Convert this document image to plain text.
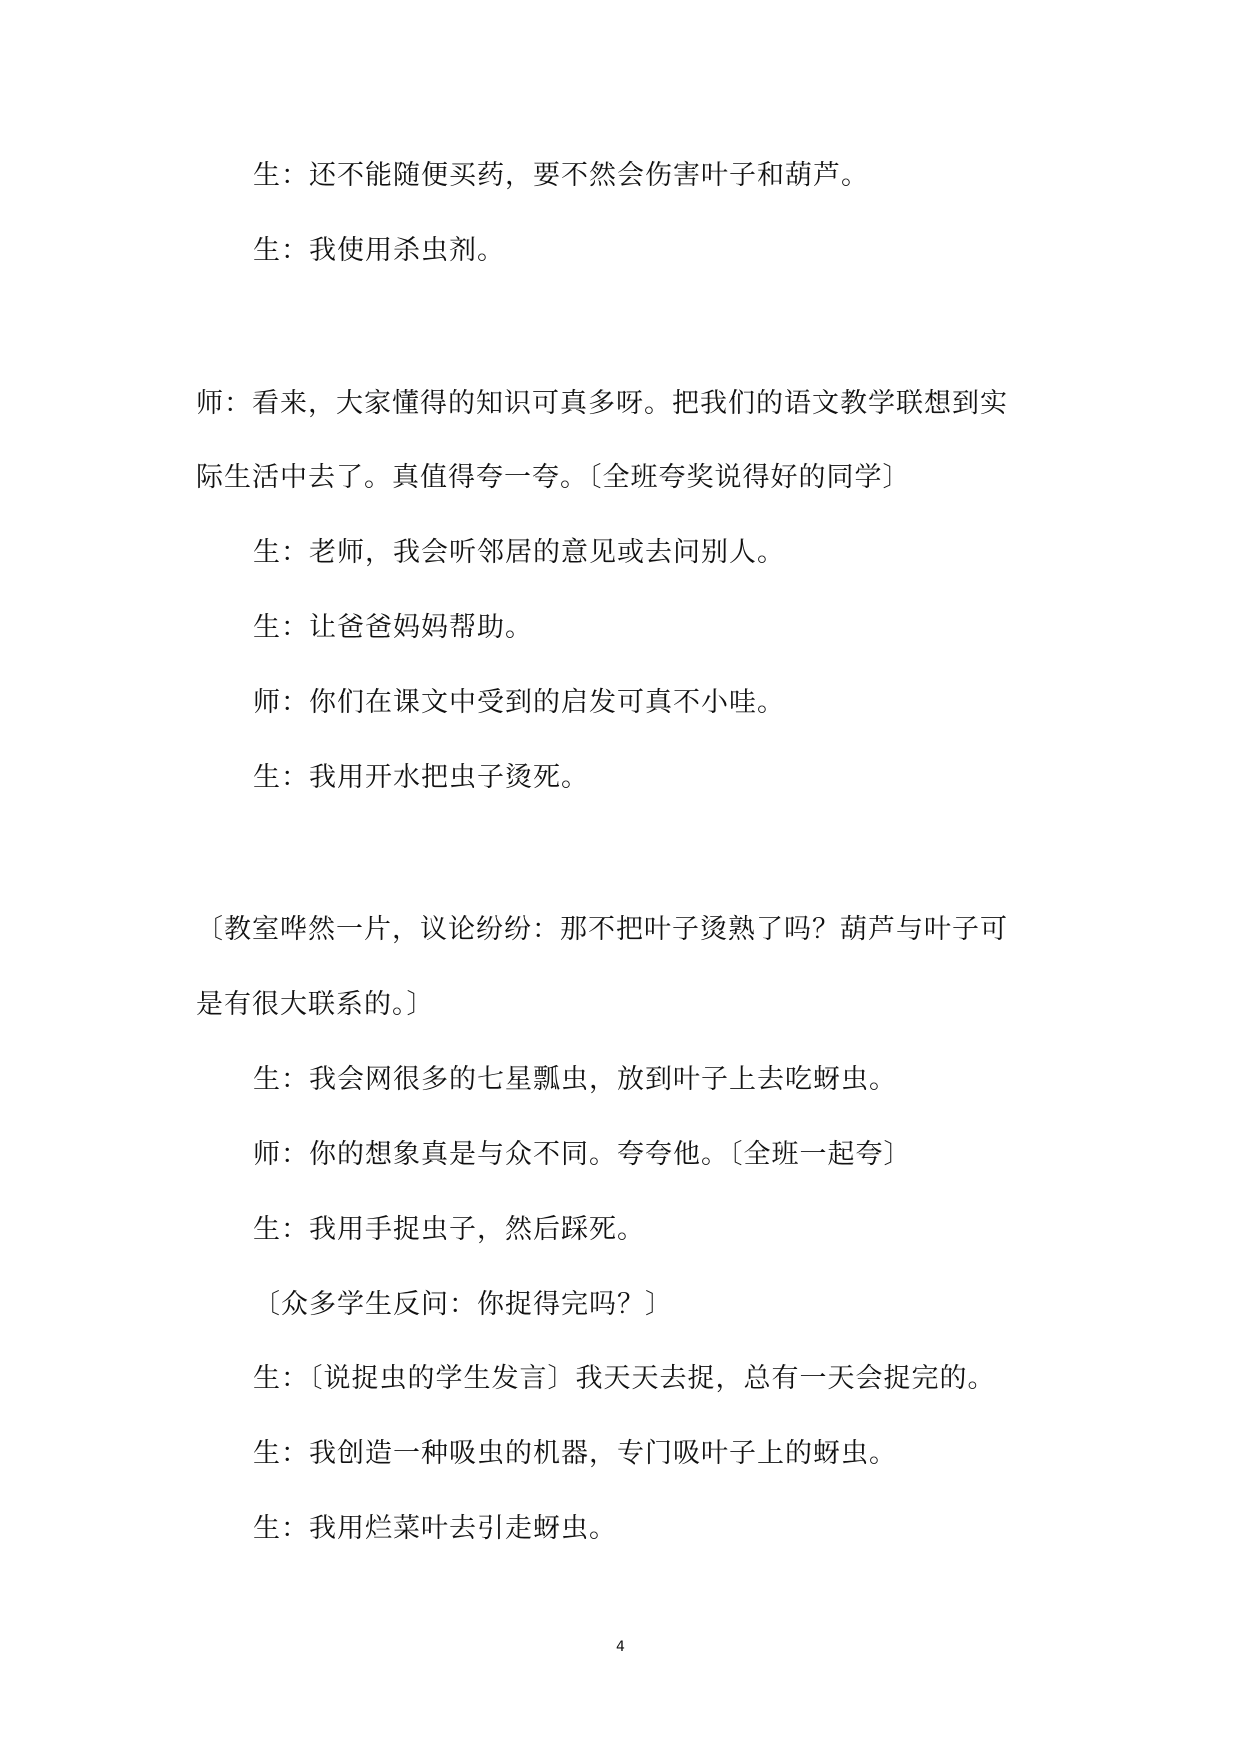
生：还不能随便买药，要不然会伤害叶子和葫芦。
生：我使用杀虫剂。
师：看来，大家懂得的知识可真多呀。把我们的语文教学联想到实
际生活中去了。真值得夸一夸。〔全班夸奖说得好的同学〕
生：老师，我会听邻居的意见或去问别人。
生：让爸爸妈妈帮助。
师：你们在课文中受到的启发可真不小哇。
生：我用开水把虫子烫死。
〔教室哗然一片，议论纷纷：那不把叶子烫熟了吗？葫芦与叶子可
是有很大联系的。〕
生：我会网很多的七星瓢虫，放到叶子上去吃蚜虫。
师：你的想象真是与众不同。夸夸他。〔全班一起夸〕
生：我用手捉虫子，然后踩死。
〔众多学生反问：你捉得完吗？〕
生：〔说捉虫的学生发言〕我天天去捉，总有一天会捉完的。
生：我创造一种吸虫的机器，专门吸叶子上的蚜虫。
生：我用烂菜叶去引走蚜虫。
4
